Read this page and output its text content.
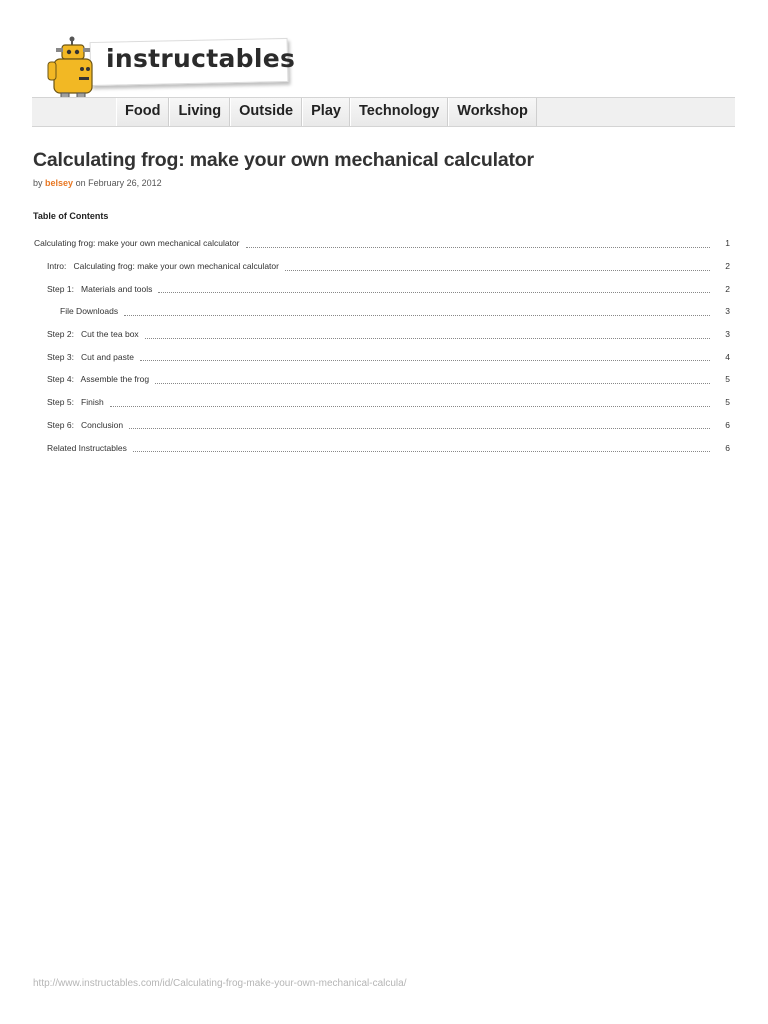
instructables
Food	Living	Outside	Play	Technology	Workshop
Calculating frog: make your own mechanical calculator
by belsey on February 26, 2012
Table of Contents
Calculating frog: make your own mechanical calculator	1
Intro:   Calculating frog: make your own mechanical calculator	2
Step 1:   Materials and tools	2
File Downloads	3
Step 2:   Cut the tea box	3
Step 3:   Cut and paste	4
Step 4:   Assemble the frog	5
Step 5:   Finish	5
Step 6:   Conclusion	6
Related Instructables	6
http://www.instructables.com/id/Calculating-frog-make-your-own-mechanical-calcula/
